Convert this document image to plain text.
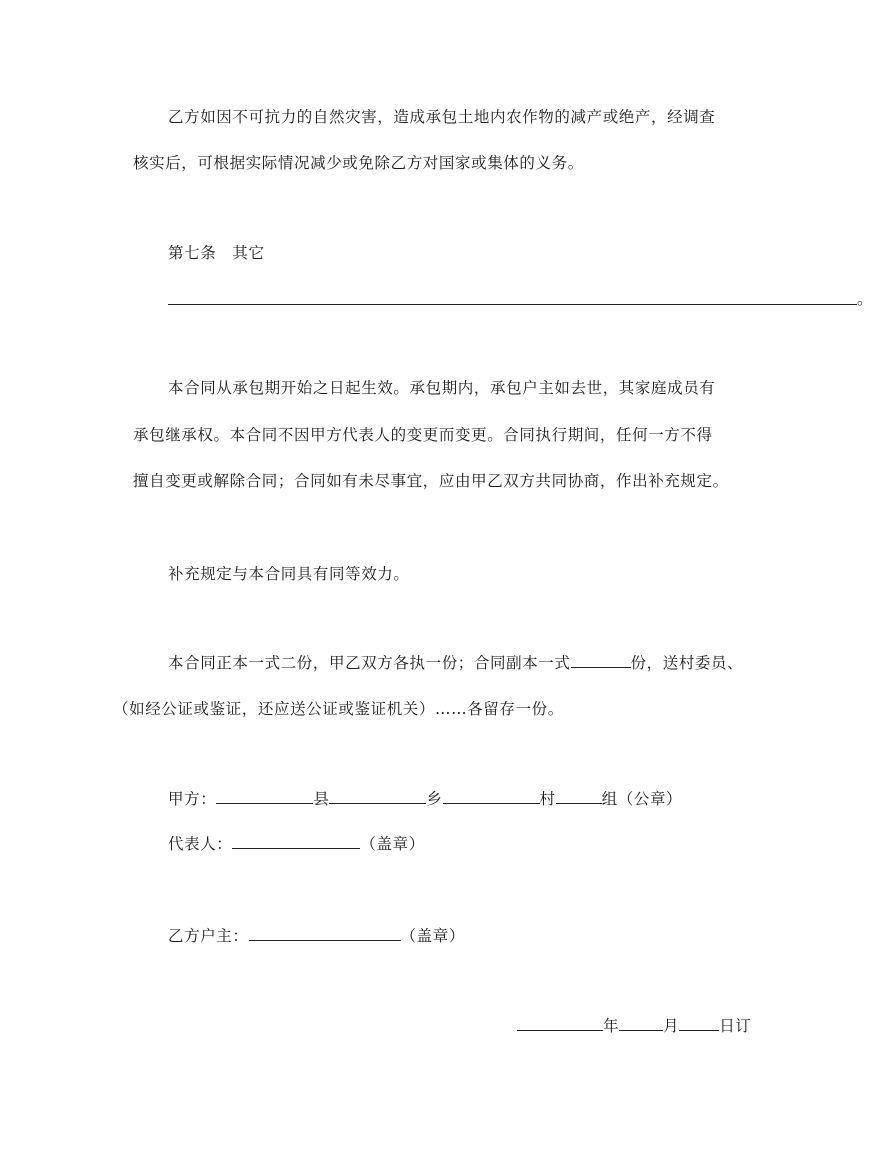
乙方如因不可抗力的自然灾害，造成承包土地内农作物的减产或绝产，经调查
核实后，可根据实际情况减少或免除乙方对国家或集体的义务。
第七条　其它
。
本合同从承包期开始之日起生效。承包期内，承包户主如去世，其家庭成员有
承包继承权。本合同不因甲方代表人的变更而变更。合同执行期间，任何一方不得
擅自变更或解除合同；合同如有未尽事宜，应由甲乙双方共同协商，作出补充规定。
补充规定与本合同具有同等效力。
本合同正本一式二份，甲乙双方各执一份；合同副本一式	份，送村委员、
（如经公证或鉴证，还应送公证或鉴证机关）……各留存一份。
甲方：	县	乡	村	组（公章）
代表人：	（盖章）
乙方户主：	（盖章）
年	月	日订
